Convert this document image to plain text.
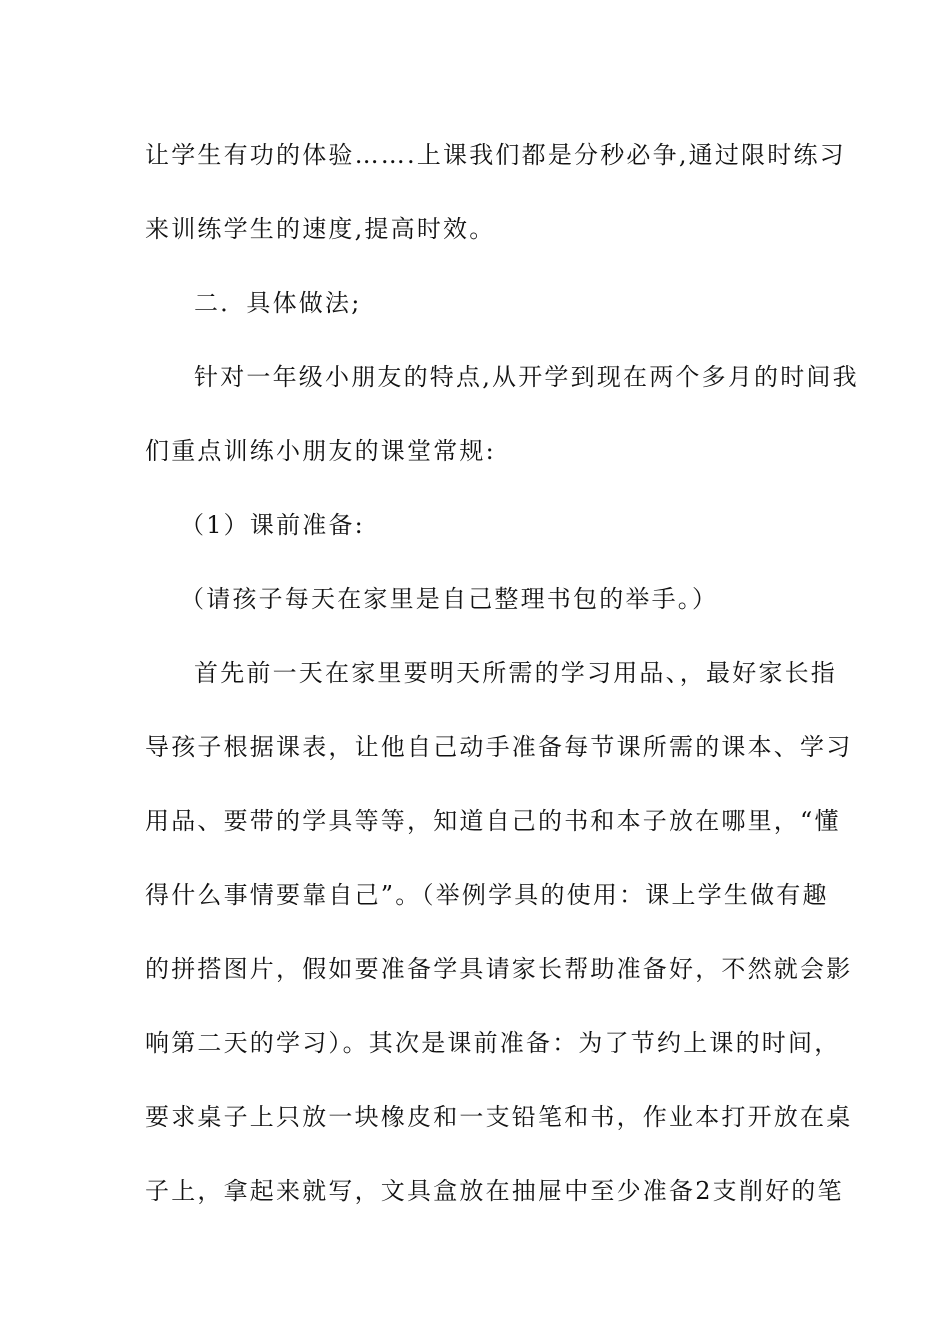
让学生有功的体验…….上课我们都是分秒必争,通过限时练习
来训练学生的速度,提高时效。
二．具体做法;
针对一年级小朋友的特点,从开学到现在两个多月的时间我
们重点训练小朋友的课堂常规:
（1）课前准备:
（请孩子每天在家里是自己整理书包的举手。）
首先前一天在家里要明天所需的学习用品、，最好家长指
导孩子根据课表，让他自己动手准备每节课所需的课本、学习
用品、要带的学具等等，知道自己的书和本子放在哪里，“懂
得什么事情要靠自己”。（举例学具的使用：课上学生做有趣
的拼搭图片，假如要准备学具请家长帮助准备好，不然就会影
响第二天的学习）。其次是课前准备：为了节约上课的时间，
要求桌子上只放一块橡皮和一支铅笔和书，作业本打开放在桌
子上，拿起来就写，文具盒放在抽屉中至少准备2支削好的笔
